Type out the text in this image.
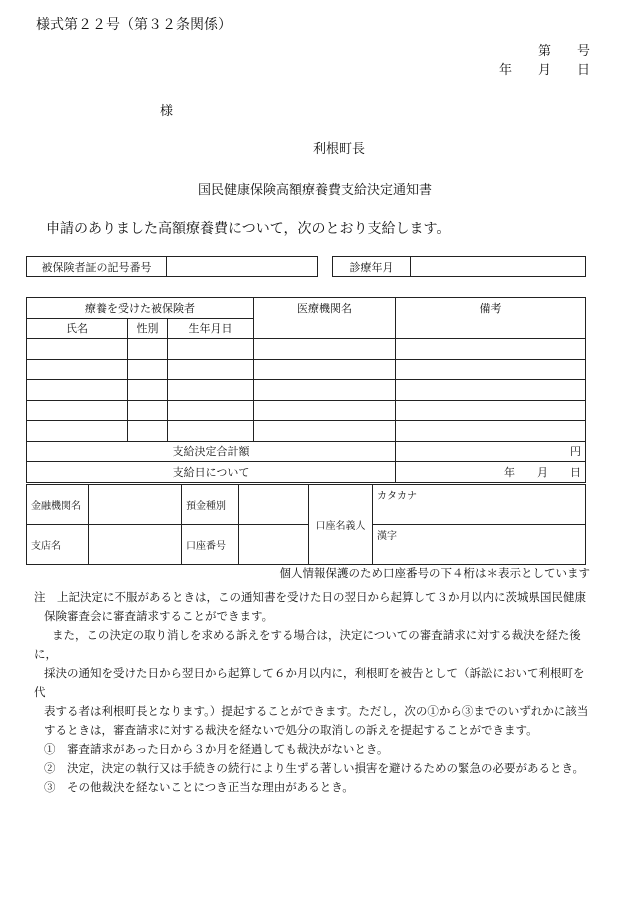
様式第２２号（第３２条関係）
第　　号
年　　月　　日
様
利根町長
国民健康保険高額療養費支給決定通知書
申請のありました高額療養費について，次のとおり支給します。
被保険者証の記号番号		診療年月	
療養を受けた被保険者			医療機関名	備考
氏名	性別	生年月日		

支給決定合計額				円
支給日について				年　　月　　日
金融機関名		預金種別		口座名義人	カタカナ
支店名		口座番号			漢字
個人情報保護のため口座番号の下４桁は＊表示としています
注　上記決定に不服があるときは，この通知書を受けた日の翌日から起算して３か月以内に茨城県国民健康
保険審査会に審査請求することができます。
また，この決定の取り消しを求める訴えをする場合は，決定についての審査請求に対する裁決を経た後
に，
採決の通知を受けた日から翌日から起算して６か月以内に，利根町を被告として（訴訟において利根町を
代
表する者は利根町長となります。）提起することができます。ただし，次の①から③までのいずれかに該当
するときは，審査請求に対する裁決を経ないで処分の取消しの訴えを提起することができます。
①　審査請求があった日から３か月を経過しても裁決がないとき。
②　決定，決定の執行又は手続きの続行により生ずる著しい損害を避けるための緊急の必要があるとき。
③　その他裁決を経ないことにつき正当な理由があるとき。
